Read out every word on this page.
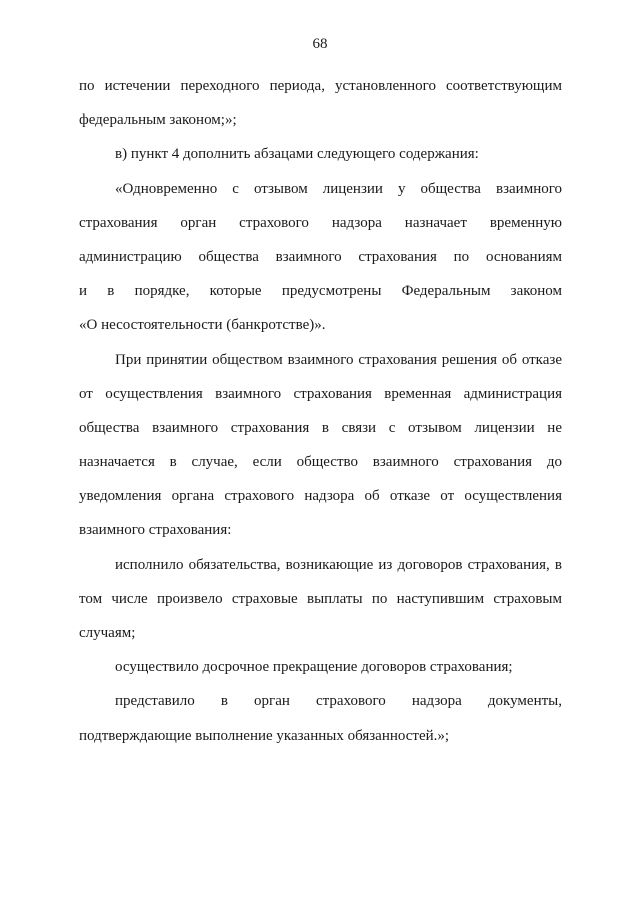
68
по истечении переходного периода, установленного соответствующим
федеральным законом;»;
в) пункт 4 дополнить абзацами следующего содержания:
«Одновременно с отзывом лицензии у общества взаимного
страхования орган страхового надзора назначает временную
администрацию общества взаимного страхования по основаниям
и в порядке, которые предусмотрены Федеральным законом
«О несостоятельности (банкротстве)».
При принятии обществом взаимного страхования решения об отказе
от осуществления взаимного страхования временная администрация
общества взаимного страхования в связи с отзывом лицензии не
назначается в случае, если общество взаимного страхования до
уведомления органа страхового надзора об отказе от осуществления
взаимного страхования:
исполнило обязательства, возникающие из договоров страхования, в
том числе произвело страховые выплаты по наступившим страховым
случаям;
осуществило досрочное прекращение договоров страхования;
представило в орган страхового надзора документы,
подтверждающие выполнение указанных обязанностей.»;
